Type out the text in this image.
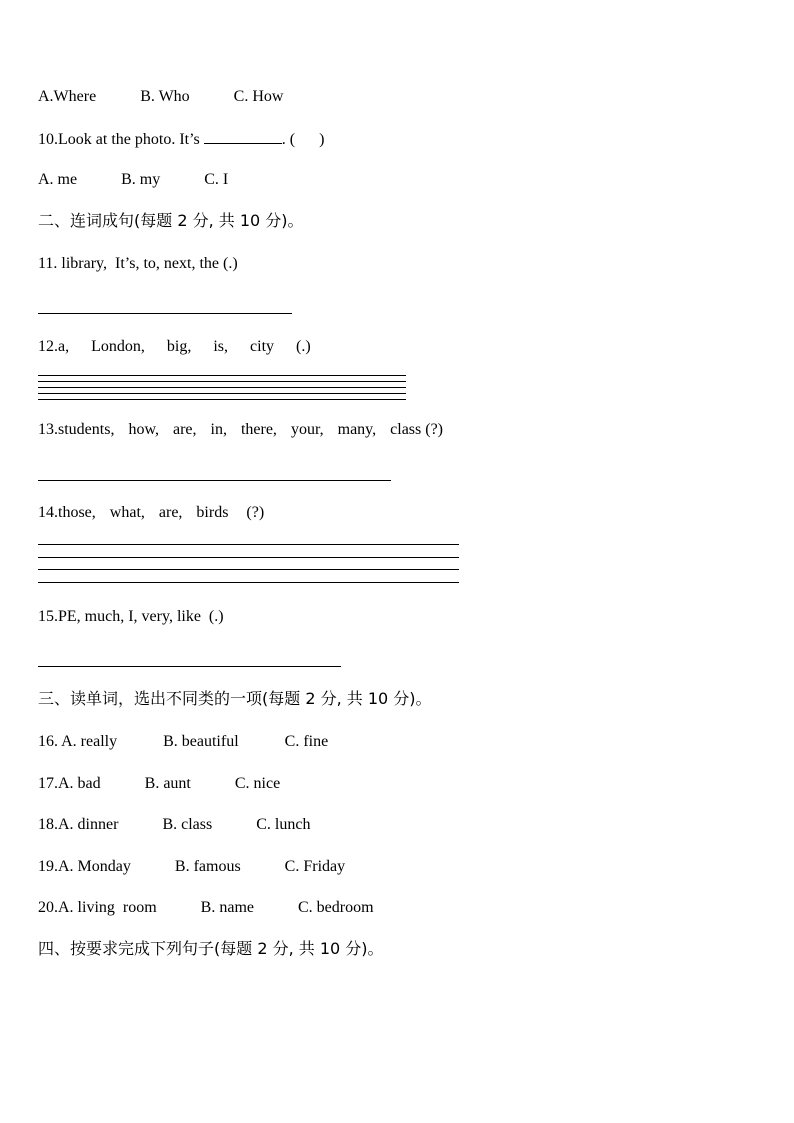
A.Where	B. Who	C. How
10.Look at the photo. It’s	. (      )
A. me	B. my	C. I
二、连词成句(每题 2 分, 共 10 分)。
11. library,  It’s, to, next, the (.)
12.a, London, big, is, city (.)
13.students, how, are, in, there, your, many, class (?)
14.those, what, are, birds (?)
15.PE, much, I, very, like  (.)
三、读单词，选出不同类的一项(每题 2 分, 共 10 分)。
16. A. really	B. beautiful	C. fine
17.A. bad	B. aunt	C. nice
18.A. dinner	B. class	C. lunch
19.A. Monday	B. famous	C. Friday
20.A. living  room	B. name	C. bedroom
四、按要求完成下列句子(每题 2 分, 共 10 分)。
